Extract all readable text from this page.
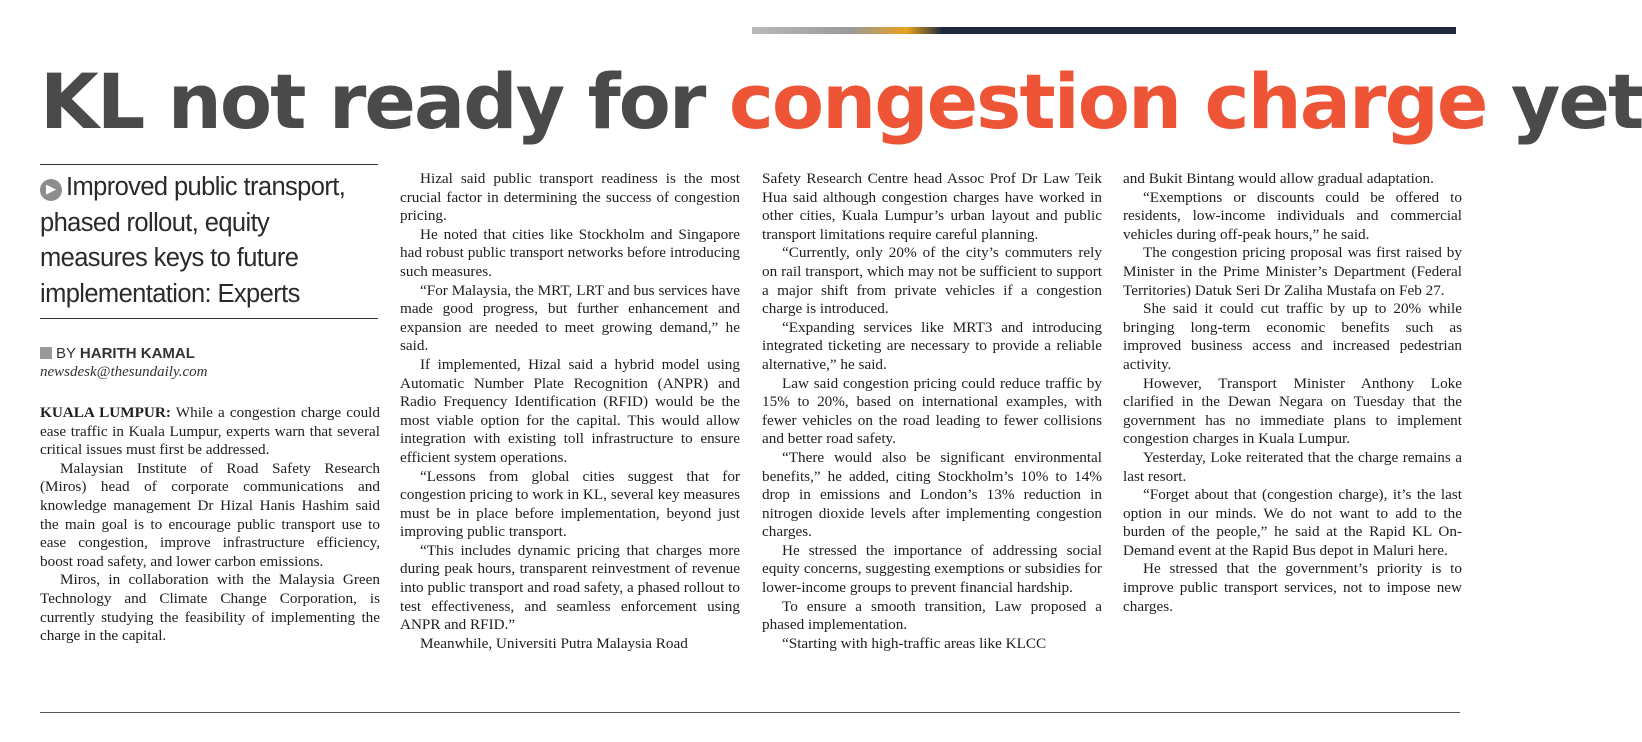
KL not ready for congestion charge yet
▶ Improved public transport, phased rollout, equity measures keys to future implementation: Experts
BY HARITH KAMAL
newsdesk@thesundaily.com

KUALA LUMPUR: While a congestion charge could ease traffic in Kuala Lumpur, experts warn that several critical issues must first be addressed.

Malaysian Institute of Road Safety Research (Miros) head of corporate communications and knowledge management Dr Hizal Hanis Hashim said the main goal is to encourage public transport use to ease congestion, improve infrastructure efficiency, boost road safety, and lower carbon emissions.

Miros, in collaboration with the Malaysia Green Technology and Climate Change Corporation, is currently studying the feasibility of implementing the charge in the capital.

Hizal said public transport readiness is the most crucial factor in determining the success of congestion pricing.

He noted that cities like Stockholm and Singapore had robust public transport networks before introducing such measures.

“For Malaysia, the MRT, LRT and bus services have made good progress, but further enhancement and expansion are needed to meet growing demand,” he said.

If implemented, Hizal said a hybrid model using Automatic Number Plate Recognition (ANPR) and Radio Frequency Identification (RFID) would be the most viable option for the capital. This would allow integration with existing toll infrastructure to ensure efficient system operations.

“Lessons from global cities suggest that for congestion pricing to work in KL, several key measures must be in place before implementation, beyond just improving public transport.

“This includes dynamic pricing that charges more during peak hours, transparent reinvestment of revenue into public transport and road safety, a phased rollout to test effectiveness, and seamless enforcement using ANPR and RFID.”

Meanwhile, Universiti Putra Malaysia Road

Safety Research Centre head Assoc Prof Dr Law Teik Hua said although congestion charges have worked in other cities, Kuala Lumpur’s urban layout and public transport limitations require careful planning.

“Currently, only 20% of the city’s commuters rely on rail transport, which may not be sufficient to support a major shift from private vehicles if a congestion charge is introduced.

“Expanding services like MRT3 and introducing integrated ticketing are necessary to provide a reliable alternative,” he said.

Law said congestion pricing could reduce traffic by 15% to 20%, based on international examples, with fewer vehicles on the road leading to fewer collisions and better road safety.

“There would also be significant environmental benefits,” he added, citing Stockholm’s 10% to 14% drop in emissions and London’s 13% reduction in nitrogen dioxide levels after implementing congestion charges.

He stressed the importance of addressing social equity concerns, suggesting exemptions or subsidies for lower-income groups to prevent financial hardship.

To ensure a smooth transition, Law proposed a phased implementation.

“Starting with high-traffic areas like KLCC

and Bukit Bintang would allow gradual adaptation.

“Exemptions or discounts could be offered to residents, low-income individuals and commercial vehicles during off-peak hours,” he said.

The congestion pricing proposal was first raised by Minister in the Prime Minister’s Department (Federal Territories) Datuk Seri Dr Zaliha Mustafa on Feb 27.

She said it could cut traffic by up to 20% while bringing long-term economic benefits such as improved business access and increased pedestrian activity.

However, Transport Minister Anthony Loke clarified in the Dewan Negara on Tuesday that the government has no immediate plans to implement congestion charges in Kuala Lumpur.

Yesterday, Loke reiterated that the charge remains a last resort.

“Forget about that (congestion charge), it’s the last option in our minds. We do not want to add to the burden of the people,” he said at the Rapid KL On-Demand event at the Rapid Bus depot in Maluri here.

He stressed that the government’s priority is to improve public transport services, not to impose new charges.
